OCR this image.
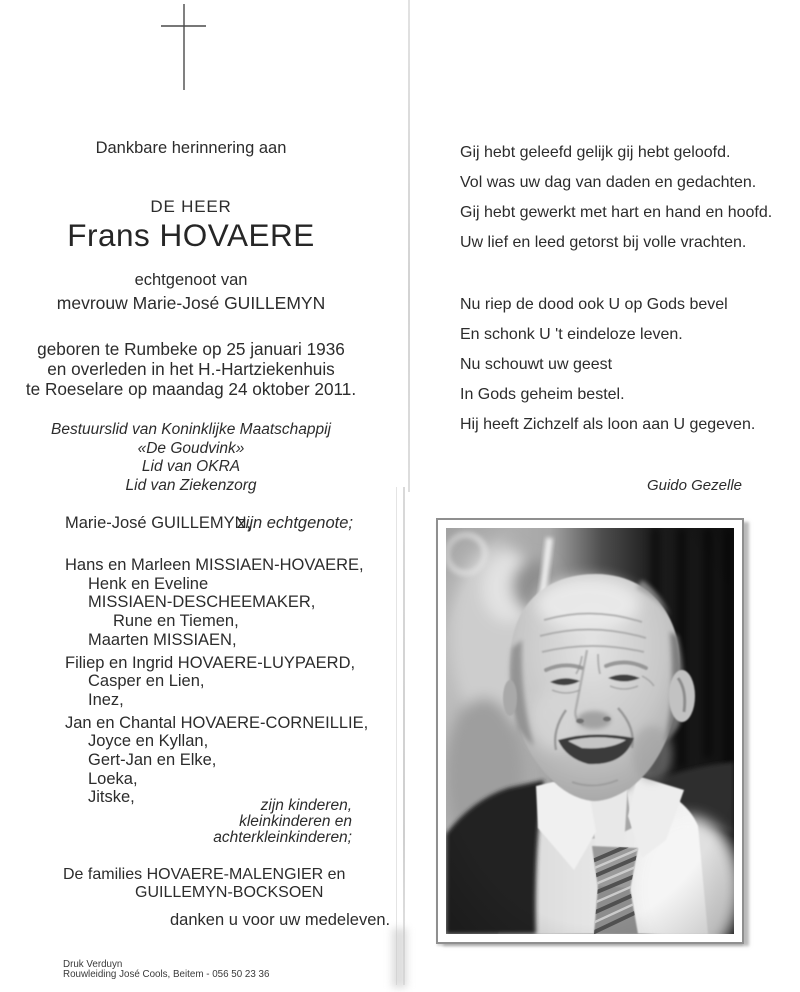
Dankbare herinnering aan
DE HEER
Frans HOVAERE
echtgenoot van
mevrouw Marie-José GUILLEMYN
geboren te Rumbeke op 25 januari 1936
en overleden in het H.-Hartziekenhuis
te Roeselare op maandag 24 oktober 2011.
Bestuurslid van Koninklijke Maatschappij
«De Goudvink»
Lid van OKRA
Lid van Ziekenzorg
Marie-José GUILLEMYN,
zijn echtgenote;
Hans en Marleen MISSIAEN-HOVAERE,
Henk en Eveline
MISSIAEN-DESCHEEMAKER,
Rune en Tiemen,
Maarten MISSIAEN,
Filiep en Ingrid HOVAERE-LUYPAERD,
Casper en Lien,
Inez,
Jan en Chantal HOVAERE-CORNEILLIE,
Joyce en Kyllan,
Gert-Jan en Elke,
Loeka,
Jitske,	zijn kinderen,
kleinkinderen en achterkleinkinderen;
De families HOVAERE-MALENGIER en
GUILLEMYN-BOCKSOEN
danken u voor uw medeleven.
Druk Verduyn
Rouwleiding José Cools, Beitem - 056 50 23 36
Gij hebt geleefd gelijk gij hebt geloofd.
Vol was uw dag van daden en gedachten.
Gij hebt gewerkt met hart en hand en hoofd.
Uw lief en leed getorst bij volle vrachten.
Nu riep de dood ook U op Gods bevel
En schonk U 't eindeloze leven.
Nu schouwt uw geest
In Gods geheim bestel.
Hij heeft Zichzelf als loon aan U gegeven.
Guido Gezelle
